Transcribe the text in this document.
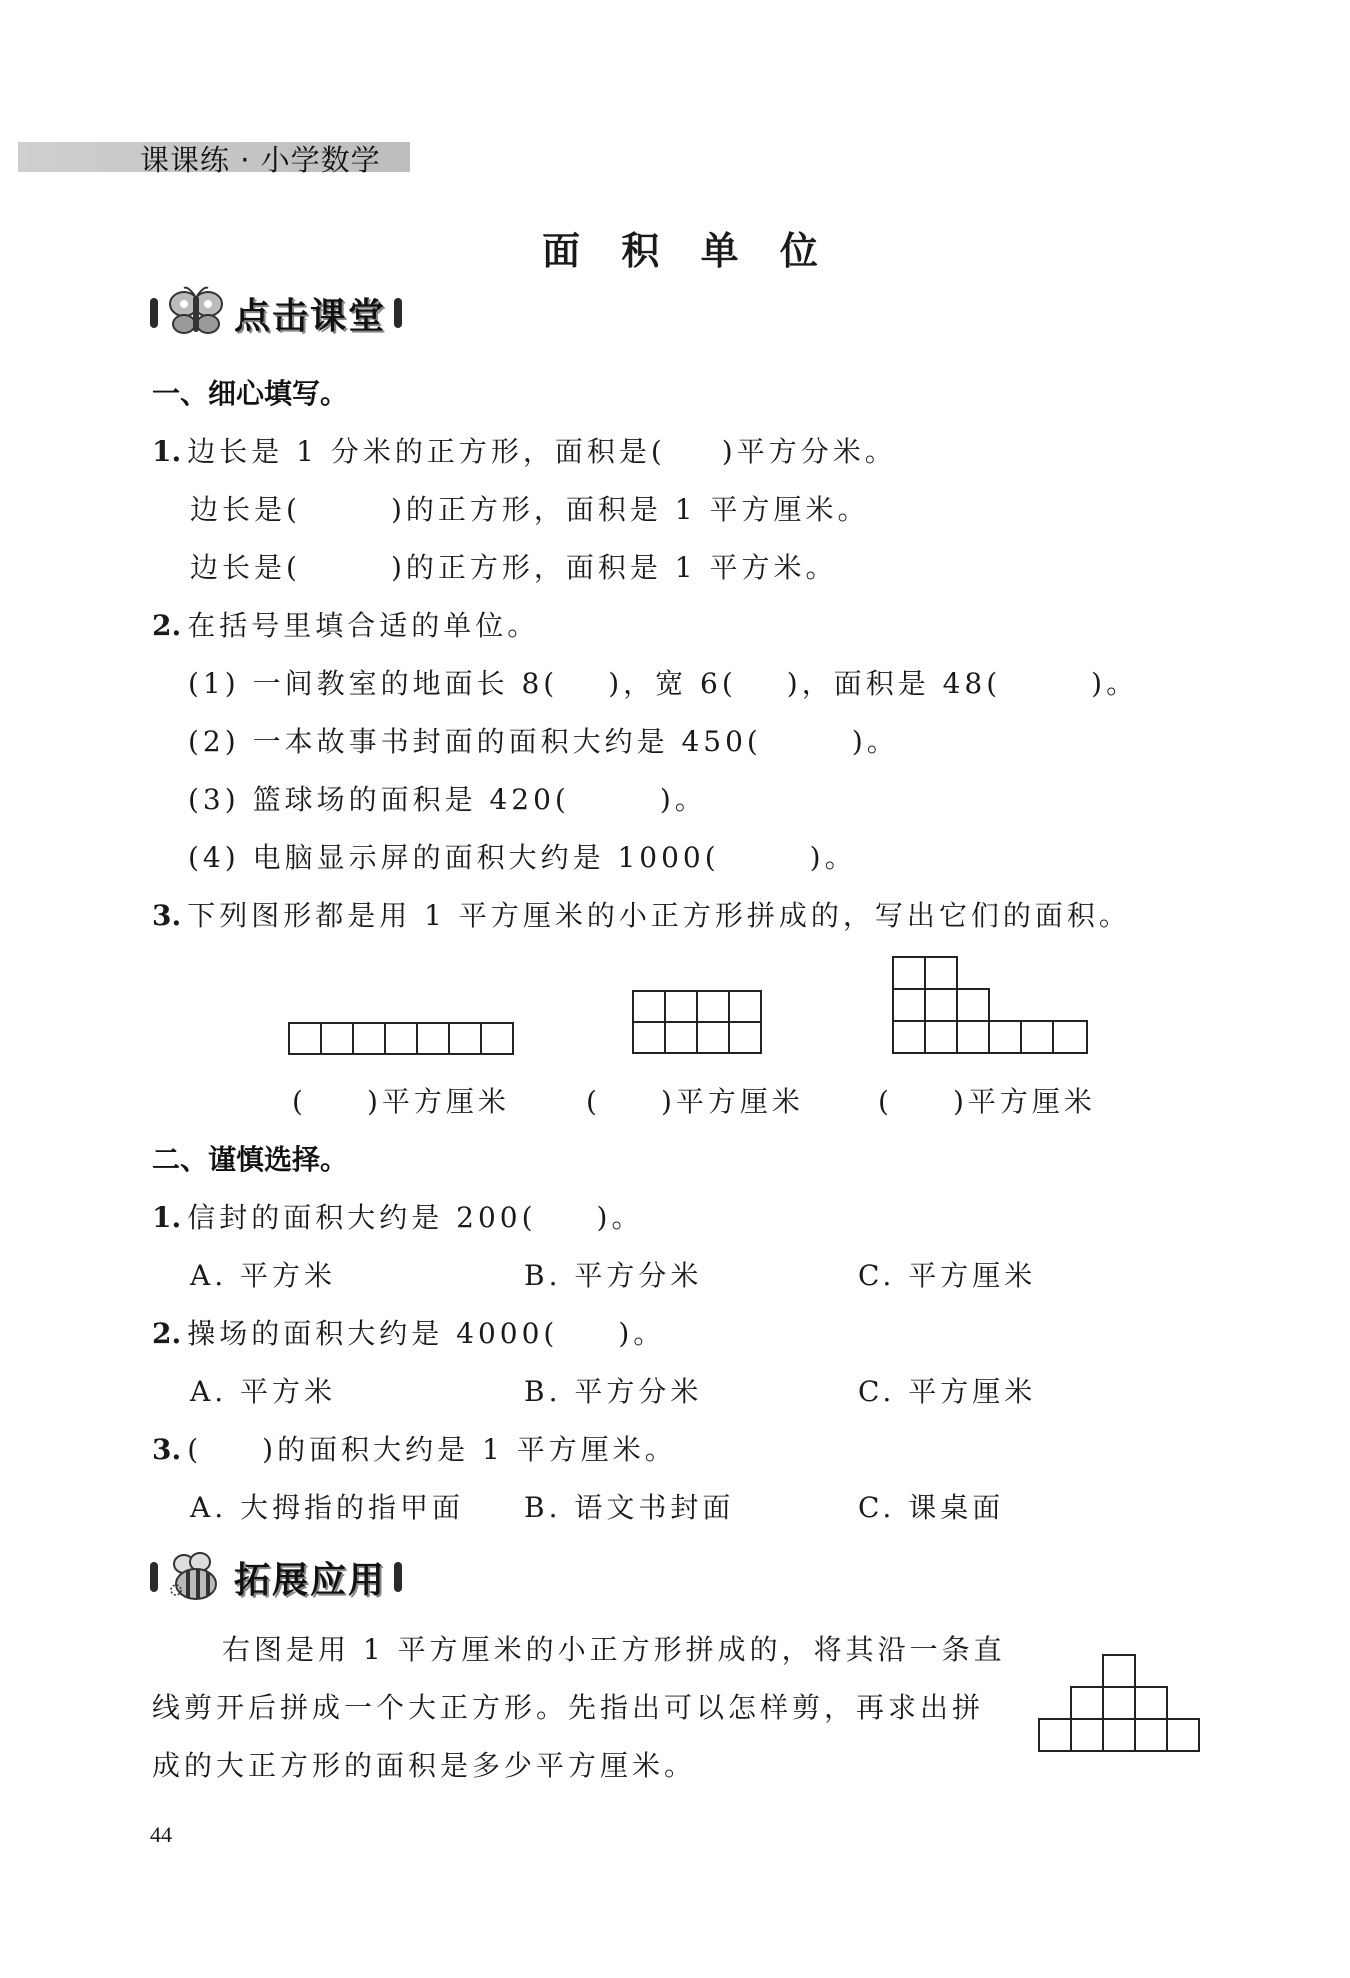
课课练 · 小学数学
面 积 单 位
点击课堂
一、细心填写。
1. 边长是 1 分米的正方形，面积是( )平方分米。
边长是(	)的正方形，面积是 1 平方厘米。
边长是(	)的正方形，面积是 1 平方米。
2. 在括号里填合适的单位。
(1) 一间教室的地面长 8( )，宽 6( )，面积是 48(	)。
(2) 一本故事书封面的面积大约是 450(	)。
(3) 篮球场的面积是 420(	)。
(4) 电脑显示屏的面积大约是 1000(	)。
3. 下列图形都是用 1 平方厘米的小正方形拼成的，写出它们的面积。
( )平方厘米	( )平方厘米	( )平方厘米
二、谨慎选择。
1. 信封的面积大约是 200( )。
A. 平方米	B. 平方分米	C. 平方厘米
2. 操场的面积大约是 4000( )。
A. 平方米	B. 平方分米	C. 平方厘米
3. ( )的面积大约是 1 平方厘米。
A. 大拇指的指甲面 B. 语文书封面	C. 课桌面
拓展应用
右图是用 1 平方厘米的小正方形拼成的，将其沿一条直
线剪开后拼成一个大正方形。先指出可以怎样剪，再求出拼
成的大正方形的面积是多少平方厘米。
44
